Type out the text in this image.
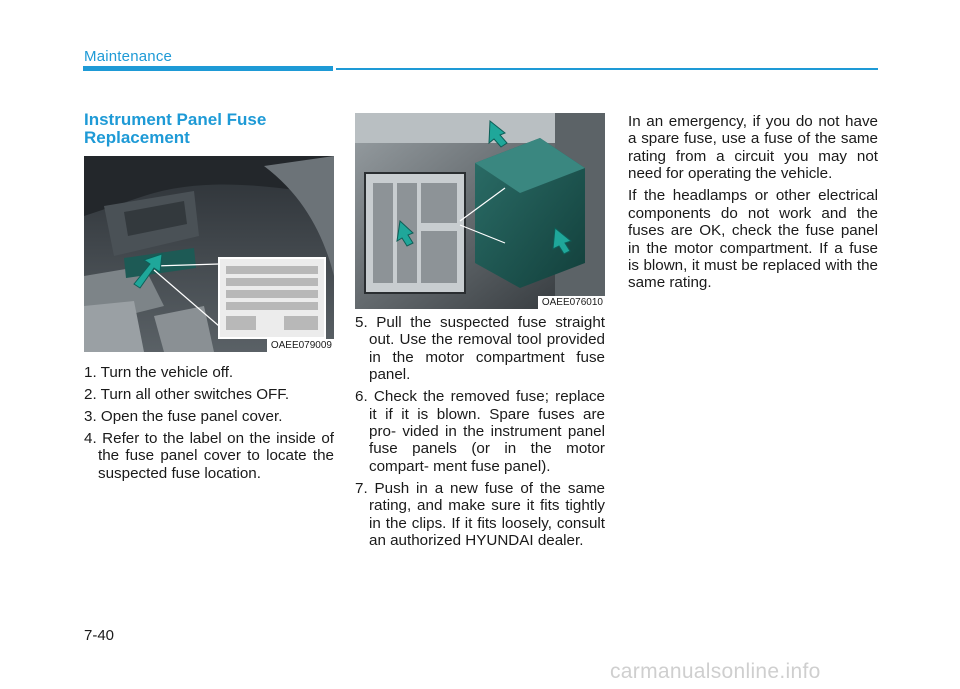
Maintenance
Instrument Panel Fuse Replacement
OAEE079009
1. Turn the vehicle off.
2. Turn all other switches OFF.
3. Open the fuse panel cover.
4. Refer to the label on the inside of the fuse panel cover to locate the suspected fuse location.
OAEE076010
5. Pull the suspected fuse straight out. Use the removal tool provided in the motor compartment fuse panel.
6. Check the removed fuse; replace it if it is blown. Spare fuses are pro- vided in the instrument panel fuse panels (or in the motor compart- ment fuse panel).
7. Push in a new fuse of the same rating, and make sure it fits tightly in the clips. If it fits loosely, consult an authorized HYUNDAI dealer.

In an emergency, if you do not have a spare fuse, use a fuse of the same rating from a circuit you may not need for operating the vehicle.

If the headlamps or other electrical components do not work and the fuses are OK, check the fuse panel in the motor compartment. If a fuse is blown, it must be replaced with the same rating.

7-40
carmanualsonline.info
